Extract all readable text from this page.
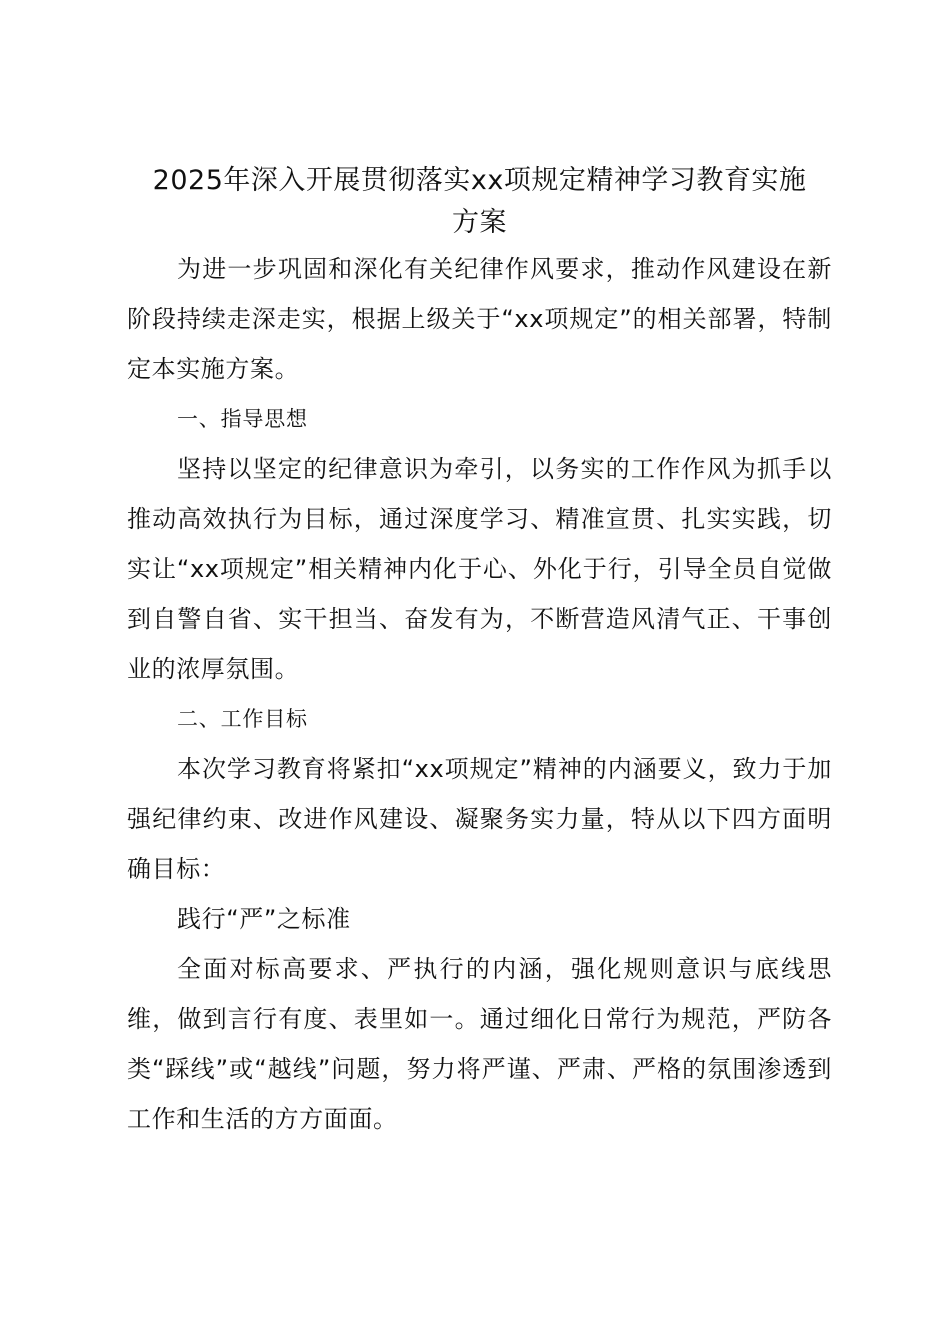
2025年深入开展贯彻落实xx项规定精神学习教育实施
方案

为进一步巩固和深化有关纪律作风要求，推动作风建设在新阶段持续走深走实，根据上级关于“xx项规定”的相关部署，特制定本实施方案。

一、指导思想

坚持以坚定的纪律意识为牵引，以务实的工作作风为抓手以推动高效执行为目标，通过深度学习、精准宣贯、扎实实践，切实让“xx项规定”相关精神内化于心、外化于行，引导全员自觉做到自警自省、实干担当、奋发有为，不断营造风清气正、干事创业的浓厚氛围。

二、工作目标

本次学习教育将紧扣“xx项规定”精神的内涵要义，致力于加强纪律约束、改进作风建设、凝聚务实力量，特从以下四方面明确目标：

践行“严”之标准

全面对标高要求、严执行的内涵，强化规则意识与底线思维，做到言行有度、表里如一。通过细化日常行为规范，严防各类“踩线”或“越线”问题，努力将严谨、严肃、严格的氛围渗透到工作和生活的方方面面。
